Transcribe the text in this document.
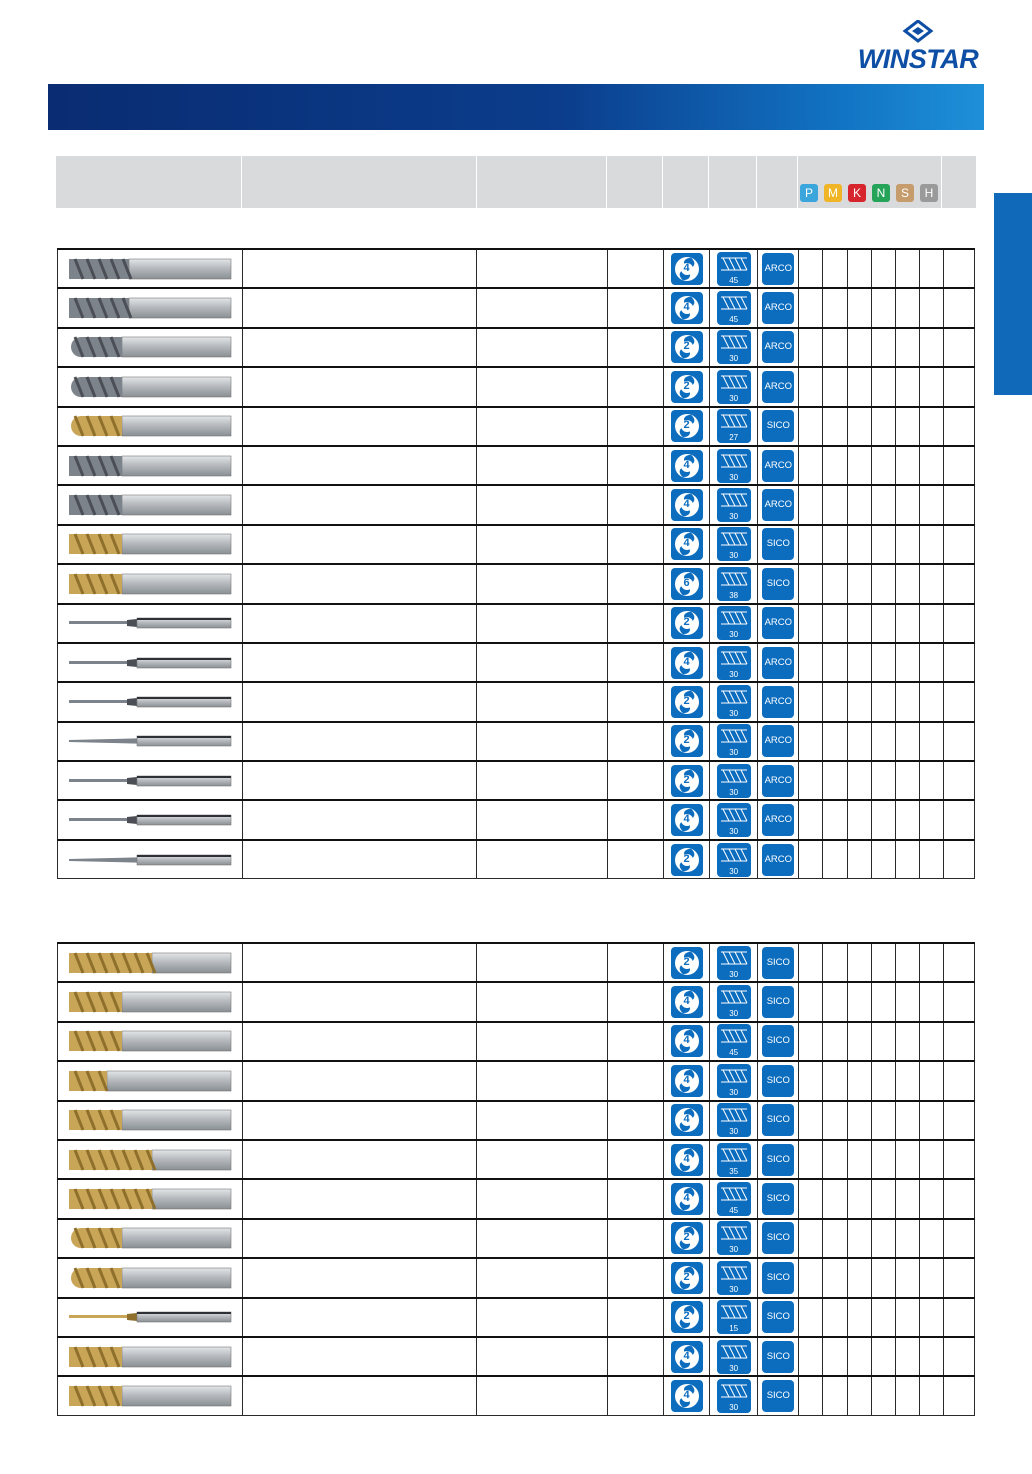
WINSTAR
P	M	K	N	S	H

4	45	ARCO							

4	45	ARCO							

2	30	ARCO							

2	30	ARCO							

2	27	SICO							

4	30	ARCO							

4	30	ARCO							

4	30	SICO							

6	38	SICO							

2	30	ARCO							

4	30	ARCO							

2	30	ARCO							

2	30	ARCO							

2	30	ARCO							

4	30	ARCO							

2	30	ARCO							

2	30	SICO							

4	30	SICO							

4	45	SICO							

4	30	SICO							

4	30	SICO							

4	35	SICO							

4	45	SICO							

2	30	SICO							

2	30	SICO							

2	15	SICO							

4	30	SICO							

4	30	SICO							
